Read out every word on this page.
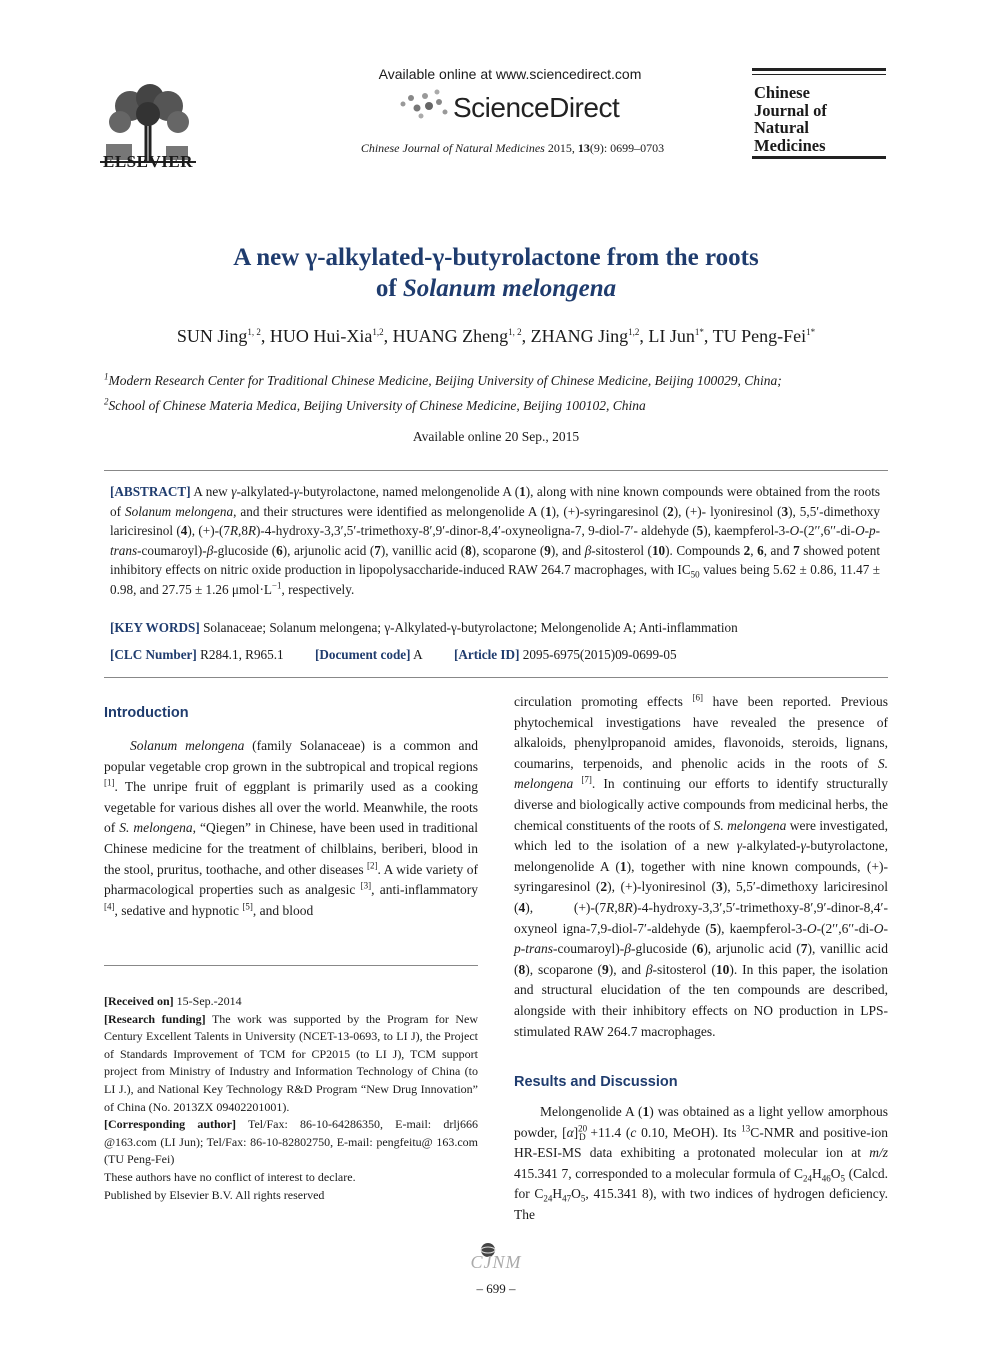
ELSEVIER
Available online at www.sciencedirect.com
ScienceDirect
Chinese Journal of Natural Medicines 2015, 13(9): 0699–0703
Chinese
Journal of
Natural
Medicines
A new γ-alkylated-γ-butyrolactone from the roots
of Solanum melongena
SUN Jing$^{1, 2}$, HUO Hui-Xia$^{1,2}$, HUANG Zheng$^{1, 2}$, ZHANG Jing$^{1,2}$, LI Jun$^{1*}$, TU Peng-Fei$^{1*}$
$^1$Modern Research Center for Traditional Chinese Medicine, Beijing University of Chinese Medicine, Beijing 100029, China;
$^2$School of Chinese Materia Medica, Beijing University of Chinese Medicine, Beijing 100102, China
Available online 20 Sep., 2015
[ABSTRACT] A new γ-alkylated-γ-butyrolactone, named melongenolide A (1), along with nine known compounds were obtained from the roots of Solanum melongena, and their structures were identified as melongenolide A (1), (+)-syringaresinol (2), (+)- lyoniresinol (3), 5,5′-dimethoxy lariciresinol (4), (+)-(7R,8R)-4-hydroxy-3,3′,5′-trimethoxy-8′,9′-dinor-8,4′-oxyneoligna-7, 9-diol-7′- aldehyde (5), kaempferol-3-O-(2′′,6′′-di-O-p-trans-coumaroyl)-β-glucoside (6), arjunolic acid (7), vanillic acid (8), scoparone (9), and β-sitosterol (10). Compounds 2, 6, and 7 showed potent inhibitory effects on nitric oxide production in lipopolysaccharide-induced RAW 264.7 macrophages, with $IC_{50}$ values being 5.62 ± 0.86, 11.47 ± 0.98, and 27.75 ± 1.26 $\mu mol\cdot L^{-1}$, respectively.
[KEY WORDS] Solanaceae; Solanum melongena; γ-Alkylated-γ-butyrolactone; Melongenolide A; Anti-inflammation
[CLC Number] R284.1, R965.1 [Document code] A [Article ID] 2095-6975(2015)09-0699-05
Introduction

Solanum melongena (family Solanaceae) is a common and popular vegetable crop grown in the subtropical and tropical regions [1]. The unripe fruit of eggplant is primarily used as a cooking vegetable for various dishes all over the world. Meanwhile, the roots of S. melongena, “Qiegen” in Chinese, have been used in traditional Chinese medicine for the treatment of chilblains, beriberi, blood in the stool, pruritus, toothache, and other diseases [2]. A wide variety of pharmacological properties such as analgesic [3], anti-inflammatory [4], sedative and hypnotic [5], and blood

[Received on] 15-Sep.-2014

[Research funding] The work was supported by the Program for New Century Excellent Talents in University (NCET-13-0693, to LI J), the Project of Standards Improvement of TCM for CP2015 (to LI J), TCM support project from Ministry of Industry and Information Technology of China (to LI J.), and National Key Technology R&D Program “New Drug Innovation” of China (No. 2013ZX 09402201001).

[Corresponding author] Tel/Fax: 86-10-64286350, E-mail: drlj666 @163.com (LI Jun); Tel/Fax: 86-10-82802750, E-mail: pengfeitu@ 163.com (TU Peng-Fei)

These authors have no conflict of interest to declare.

Published by Elsevier B.V. All rights reserved

circulation promoting effects [6] have been reported. Previous phytochemical investigations have revealed the presence of alkaloids, phenylpropanoid amides, flavonoids, steroids, lignans, coumarins, terpenoids, and phenolic acids in the roots of S. melongena [7]. In continuing our efforts to identify structurally diverse and biologically active compounds from medicinal herbs, the chemical constituents of the roots of S. melongena were investigated, which led to the isolation of a new γ-alkylated-γ-butyrolactone, melongenolide A (1), together with nine known compounds, (+)-syringaresinol (2), (+)-lyoniresinol (3), 5,5′-dimethoxy lariciresinol (4), (+)-(7R,8R)-4-hydroxy-3,3′,5′-trimethoxy-8′,9′-dinor-8,4′-oxyneol igna-7,9-diol-7′-aldehyde (5), kaempferol-3-O-(2′′,6′′-di-O- p-trans-coumaroyl)-β-glucoside (6), arjunolic acid (7), vanillic acid (8), scoparone (9), and β-sitosterol (10). In this paper, the isolation and structural elucidation of the ten compounds are described, alongside with their inhibitory effects on NO production in LPS-stimulated RAW 264.7 macrophages.

Results and Discussion

Melongenolide A (1) was obtained as a light yellow amorphous powder, $[\alpha]^{20}_D +11.4$ (c 0.10, MeOH). Its $^{13}$C-NMR and positive-ion HR-ESI-MS data exhibiting a protonated molecular ion at m/z 415.341 7, corresponded to a molecular formula of $C_{24}H_{46}O_5$ (Calcd. for $C_{24}H_{47}O_5$, 415.341 8), with two indices of hydrogen deficiency. The

CJNM
– 699 –
